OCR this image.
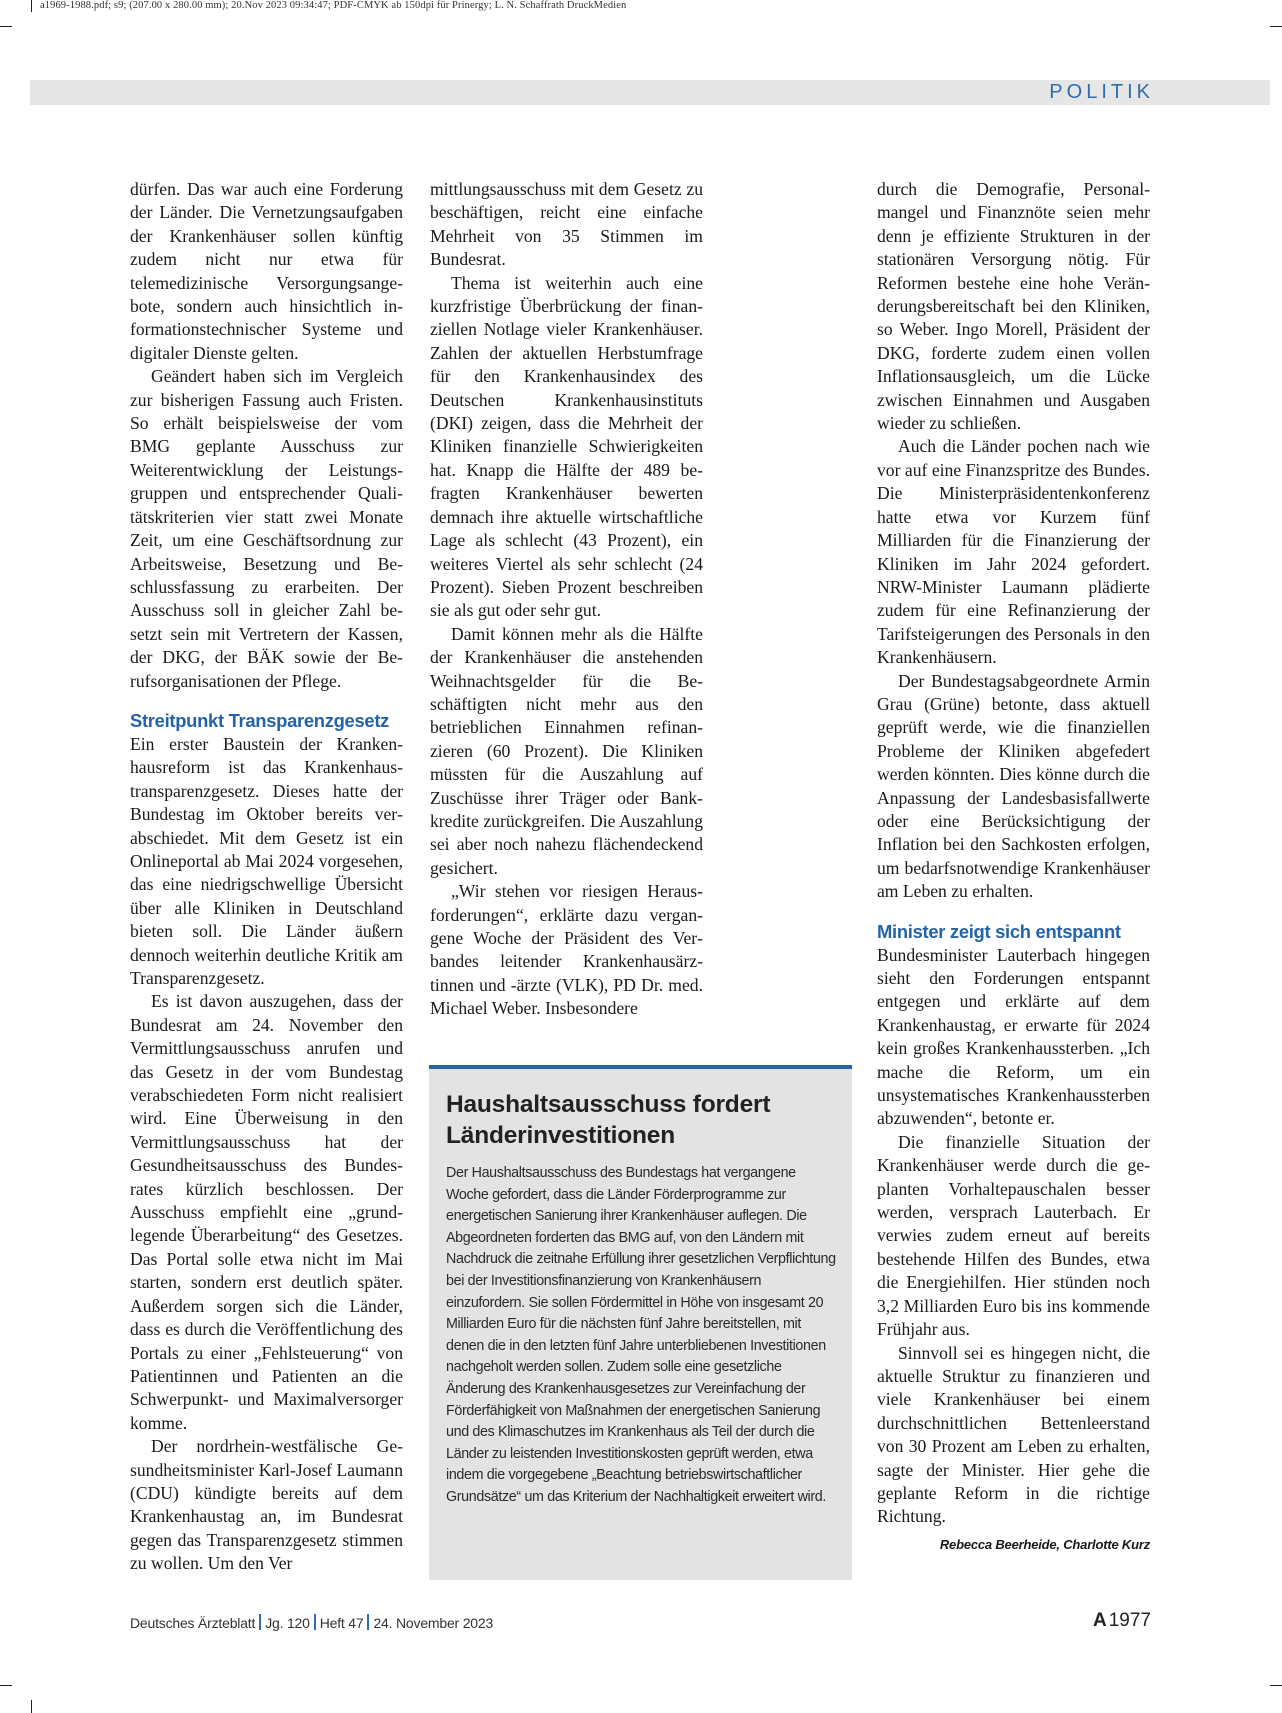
a1969-1988.pdf; s9; (207.00 x 280.00 mm); 20.Nov 2023 09:34:47; PDF-CMYK ab 150dpi für Prinergy; L. N. Schaffrath DruckMedien
POLITIK

dürfen. Das war auch eine Forderung der Länder. Die Vernetzungsaufgaben der Krankenhäuser sollen künftig zudem nicht nur etwa für telemedizinische Versorgungsangebote, sondern auch hinsichtlich informationstechnischer Systeme und digitaler Dienste gelten.

Geändert haben sich im Vergleich zur bisherigen Fassung auch Fristen. So erhält beispielsweise der vom BMG geplante Ausschuss zur Weiterentwicklung der Leistungsgruppen und entsprechender Qualitätskriterien vier statt zwei Monate Zeit, um eine Geschäftsordnung zur Arbeitsweise, Besetzung und Beschlussfassung zu erarbeiten. Der Ausschuss soll in gleicher Zahl besetzt sein mit Vertretern der Kassen, der DKG, der BÄK sowie der Berufsorganisationen der Pflege.

Streitpunkt Transparenzgesetz

Ein erster Baustein der Krankenhausreform ist das Krankenhaustransparenzgesetz. Dieses hatte der Bundestag im Oktober bereits verabschiedet. Mit dem Gesetz ist ein Onlineportal ab Mai 2024 vorgesehen, das eine niedrigschwellige Übersicht über alle Kliniken in Deutschland bieten soll. Die Länder äußern dennoch weiterhin deutliche Kritik am Transparenzgesetz.

Es ist davon auszugehen, dass der Bundesrat am 24. November den Vermittlungsausschuss anrufen und das Gesetz in der vom Bundestag verabschiedeten Form nicht realisiert wird. Eine Überweisung in den Vermittlungsausschuss hat der Gesundheitsausschuss des Bundesrates kürzlich beschlossen. Der Ausschuss empfiehlt eine „grundlegende Überarbeitung“ des Gesetzes. Das Portal solle etwa nicht im Mai starten, sondern erst deutlich später. Außerdem sorgen sich die Länder, dass es durch die Veröffentlichung des Portals zu einer „Fehlsteuerung“ von Patientinnen und Patienten an die Schwerpunkt- und Maximalversorger komme.

Der nordrhein-westfälische Gesundheitsminister Karl-Josef Laumann (CDU) kündigte bereits auf dem Krankenhaustag an, im Bundesrat gegen das Transparenzgesetz stimmen zu wollen. Um den Ver

mittlungsausschuss mit dem Gesetz zu beschäftigen, reicht eine einfache Mehrheit von 35 Stimmen im Bundesrat.

Thema ist weiterhin auch eine kurzfristige Überbrückung der finanziellen Notlage vieler Krankenhäuser. Zahlen der aktuellen Herbstumfrage für den Krankenhausindex des Deutschen Krankenhausinstituts (DKI) zeigen, dass die Mehrheit der Kliniken finanzielle Schwierigkeiten hat. Knapp die Hälfte der 489 befragten Krankenhäuser bewerten demnach ihre aktuelle wirtschaftliche Lage als schlecht (43 Prozent), ein weiteres Viertel als sehr schlecht (24 Prozent). Sieben Prozent beschreiben sie als gut oder sehr gut.

Damit können mehr als die Hälfte der Krankenhäuser die anstehenden Weihnachtsgelder für die Beschäftigten nicht mehr aus den betrieblichen Einnahmen refinanzieren (60 Prozent). Die Kliniken müssten für die Auszahlung auf Zuschüsse ihrer Träger oder Bankkredite zurückgreifen. Die Auszahlung sei aber noch nahezu flächendeckend gesichert.

„Wir stehen vor riesigen Herausforderungen“, erklärte dazu vergangene Woche der Präsident des Verbandes leitender Krankenhausärztinnen und -ärzte (VLK), PD Dr. med. Michael Weber. Insbesondere

Haushaltsausschuss fordert Länderinvestitionen

Der Haushaltsausschuss des Bundestags hat vergangene Woche gefordert, dass die Länder Förderprogramme zur energetischen Sanierung ihrer Krankenhäuser auflegen. Die Abgeordneten forderten das BMG auf, von den Ländern mit Nachdruck die zeitnahe Erfüllung ihrer gesetzlichen Verpflichtung bei der Investitionsfinanzierung von Krankenhäusern einzufordern. Sie sollen Fördermittel in Höhe von insgesamt 20 Milliarden Euro für die nächsten fünf Jahre bereitstellen, mit denen die in den letzten fünf Jahre unterbliebenen Investitionen nachgeholt werden sollen. Zudem solle eine gesetzliche Änderung des Krankenhausgesetzes zur Vereinfachung der Förderfähigkeit von Maßnahmen der energetischen Sanierung und des Klimaschutzes im Krankenhaus als Teil der durch die Länder zu leistenden Investitionskosten geprüft werden, etwa indem die vorgegebene „Beachtung betriebswirtschaftlicher Grundsätze“ um das Kriterium der Nachhaltigkeit erweitert wird.

durch die Demografie, Personalmangel und Finanznöte seien mehr denn je effiziente Strukturen in der stationären Versorgung nötig. Für Reformen bestehe eine hohe Veränderungsbereitschaft bei den Kliniken, so Weber. Ingo Morell, Präsident der DKG, forderte zudem einen vollen Inflationsausgleich, um die Lücke zwischen Einnahmen und Ausgaben wieder zu schließen.

Auch die Länder pochen nach wie vor auf eine Finanzspritze des Bundes. Die Ministerpräsidentenkonferenz hatte etwa vor Kurzem fünf Milliarden für die Finanzierung der Kliniken im Jahr 2024 gefordert. NRW-Minister Laumann plädierte zudem für eine Refinanzierung der Tarifsteigerungen des Personals in den Krankenhäusern.

Der Bundestagsabgeordnete Armin Grau (Grüne) betonte, dass aktuell geprüft werde, wie die finanziellen Probleme der Kliniken abgefedert werden könnten. Dies könne durch die Anpassung der Landesbasisfallwerte oder eine Berücksichtigung der Inflation bei den Sachkosten erfolgen, um bedarfsnotwendige Krankenhäuser am Leben zu erhalten.

Minister zeigt sich entspannt

Bundesminister Lauterbach hingegen sieht den Forderungen entspannt entgegen und erklärte auf dem Krankenhaustag, er erwarte für 2024 kein großes Krankenhaussterben. „Ich mache die Reform, um ein unsystematisches Krankenhaussterben abzuwenden“, betonte er.

Die finanzielle Situation der Krankenhäuser werde durch die geplanten Vorhaltepauschalen besser werden, versprach Lauterbach. Er verwies zudem erneut auf bereits bestehende Hilfen des Bundes, etwa die Energiehilfen. Hier stünden noch 3,2 Milliarden Euro bis ins kommende Frühjahr aus.

Sinnvoll sei es hingegen nicht, die aktuelle Struktur zu finanzieren und viele Krankenhäuser bei einem durchschnittlichen Bettenleerstand von 30 Prozent am Leben zu erhalten, sagte der Minister. Hier gehe die geplante Reform in die richtige Richtung.

Rebecca Beerheide, Charlotte Kurz
Deutsches Ärzteblatt Jg. 120 Heft 47 24. November 2023	A 1977
